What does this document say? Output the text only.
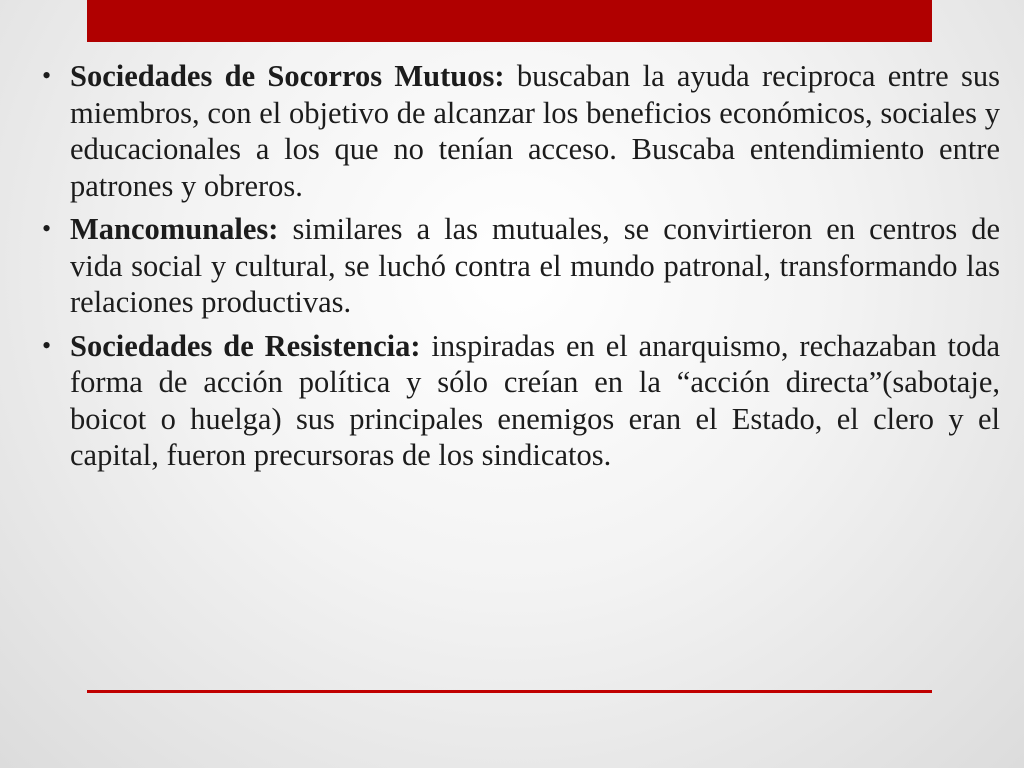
• Sociedades de Socorros Mutuos: buscaban la ayuda reciproca entre sus miembros, con el objetivo de alcanzar los beneficios económicos, sociales y educacionales a los que no tenían acceso. Buscaba entendimiento entre patrones y obreros.
• Mancomunales: similares a las mutuales, se convirtieron en centros de vida social y cultural, se luchó contra el mundo patronal, transformando las relaciones productivas.
• Sociedades de Resistencia: inspiradas en el anarquismo, rechazaban toda forma de acción política y sólo creían en la “acción directa”(sabotaje, boicot o huelga) sus principales enemigos eran el Estado, el clero y el capital, fueron precursoras de los sindicatos.
